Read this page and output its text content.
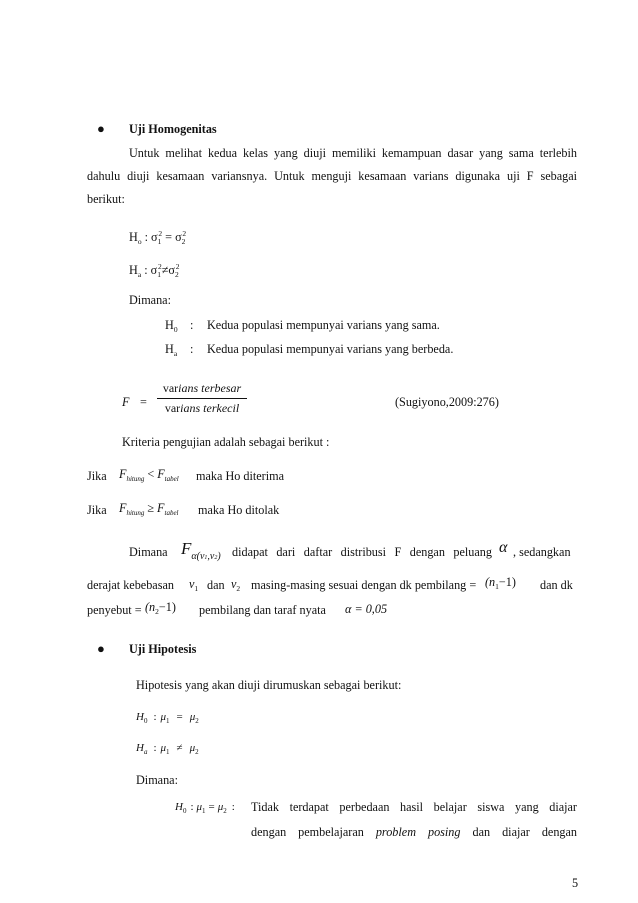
● Uji Homogenitas
Untuk melihat kedua kelas yang diuji memiliki kemampuan dasar yang sama terlebih
dahulu diuji kesamaan variansnya. Untuk menguji kesamaan varians digunaka uji F sebagai
berikut:
$H_o$ : $\sigma_1^2 = \sigma_2^2$
$H_a$ : $\sigma_1^2\ne\sigma_2^2$
Dimana:
$H_0$ : Kedua populasi mempunyai varians yang sama.
$H_a$ : Kedua populasi mempunyai varians yang berbeda.
F =
varians terbesar
varians terkecil	(Sugiyono,2009:276)
Kriteria pengujian adalah sebagai berikut :
Jika $F_{hitung} < F_{tabel}$ maka Ho diterima
Jika $F_{hitung} \ge F_{tabel}$ maka Ho ditolak
Dimana $F_{\alpha(v1,v2)}$ didapat dari daftar distribusi F dengan peluang α , sedangkan
derajat kebebasan $\nu_1$ dan $\nu_2$ masing-masing sesuai dengan dk pembilang = $(n_1-1)$ dan dk
penyebut = $(n_2-1)$ pembilang dan taraf nyata α = 0,05
● Uji Hipotesis
Hipotesis yang akan diuji dirumuskan sebagai berikut:
$H_0$ : $\mu_1 = \mu_2$
$H_a$ : $\mu_1 \ne \mu_2$
Dimana:
$H_0$ : $\mu_1 = \mu_2$ : Tidak terdapat perbedaan hasil belajar siswa yang diajar
dengan pembelajaran problem posing dan diajar dengan
5
